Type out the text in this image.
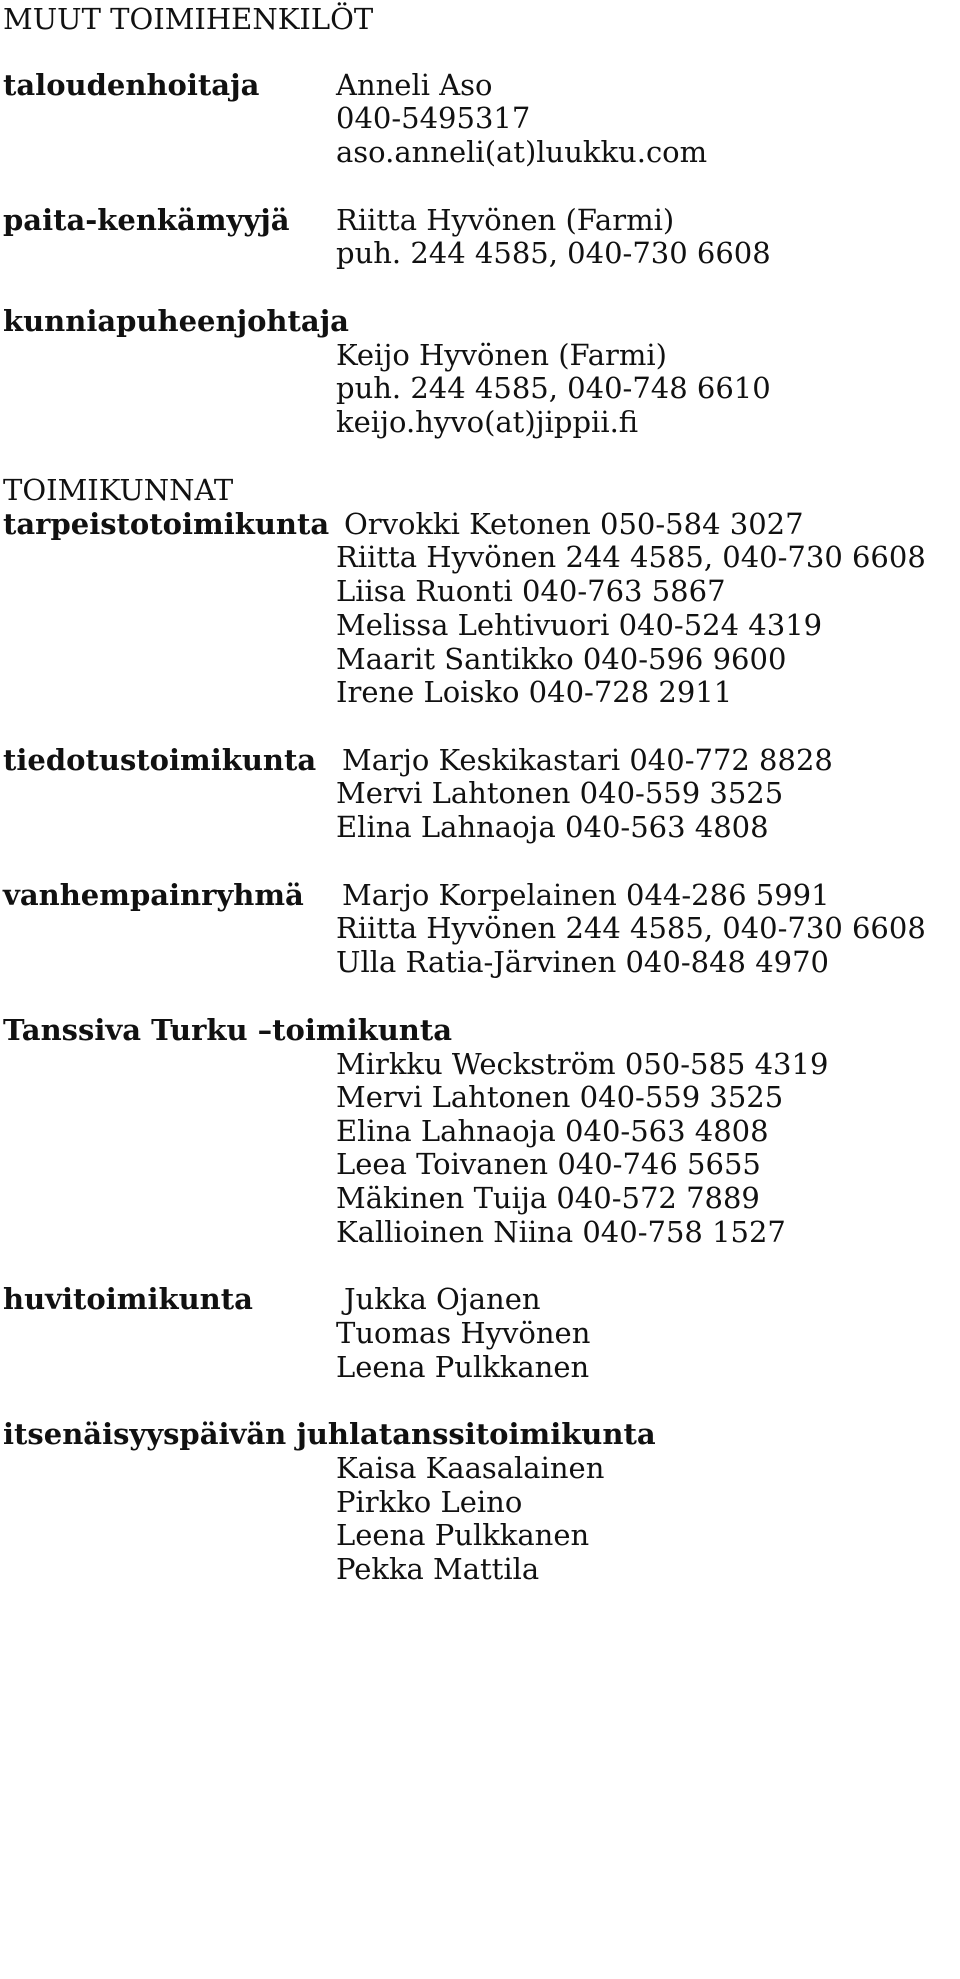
MUUT TOIMIHENKILÖT

taloudenhoitaja	Anneli Aso

040-5495317

aso.anneli(at)luukku.com

paita-kenkämyyjä Riitta Hyvönen (Farmi)

puh. 244 4585, 040-730 6608

kunniapuheenjohtaja

Keijo Hyvönen (Farmi)

puh. 244 4585, 040-748 6610

keijo.hyvo(at)jippii.fi

TOIMIKUNNAT

tarpeistotoimikunta Orvokki Ketonen 050-584 3027

Riitta Hyvönen 244 4585, 040-730 6608

Liisa Ruonti 040-763 5867

Melissa Lehtivuori 040-524 4319

Maarit Santikko 040-596 9600

Irene Loisko 040-728 2911

tiedotustoimikunta Marjo Keskikastari 040-772 8828

Mervi Lahtonen 040-559 3525

Elina Lahnaoja 040-563 4808

vanhempainryhmä Marjo Korpelainen 044-286 5991

Riitta Hyvönen 244 4585, 040-730 6608

Ulla Ratia-Järvinen 040-848 4970

Tanssiva Turku –toimikunta

Mirkku Weckström 050-585 4319

Mervi Lahtonen 040-559 3525

Elina Lahnaoja 040-563 4808

Leea Toivanen 040-746 5655

Mäkinen Tuija 040-572 7889

Kallioinen Niina 040-758 1527

huvitoimikunta	Jukka Ojanen

Tuomas Hyvönen

Leena Pulkkanen

itsenäisyyspäivän juhlatanssitoimikunta

Kaisa Kaasalainen

Pirkko Leino

Leena Pulkkanen

Pekka Mattila
